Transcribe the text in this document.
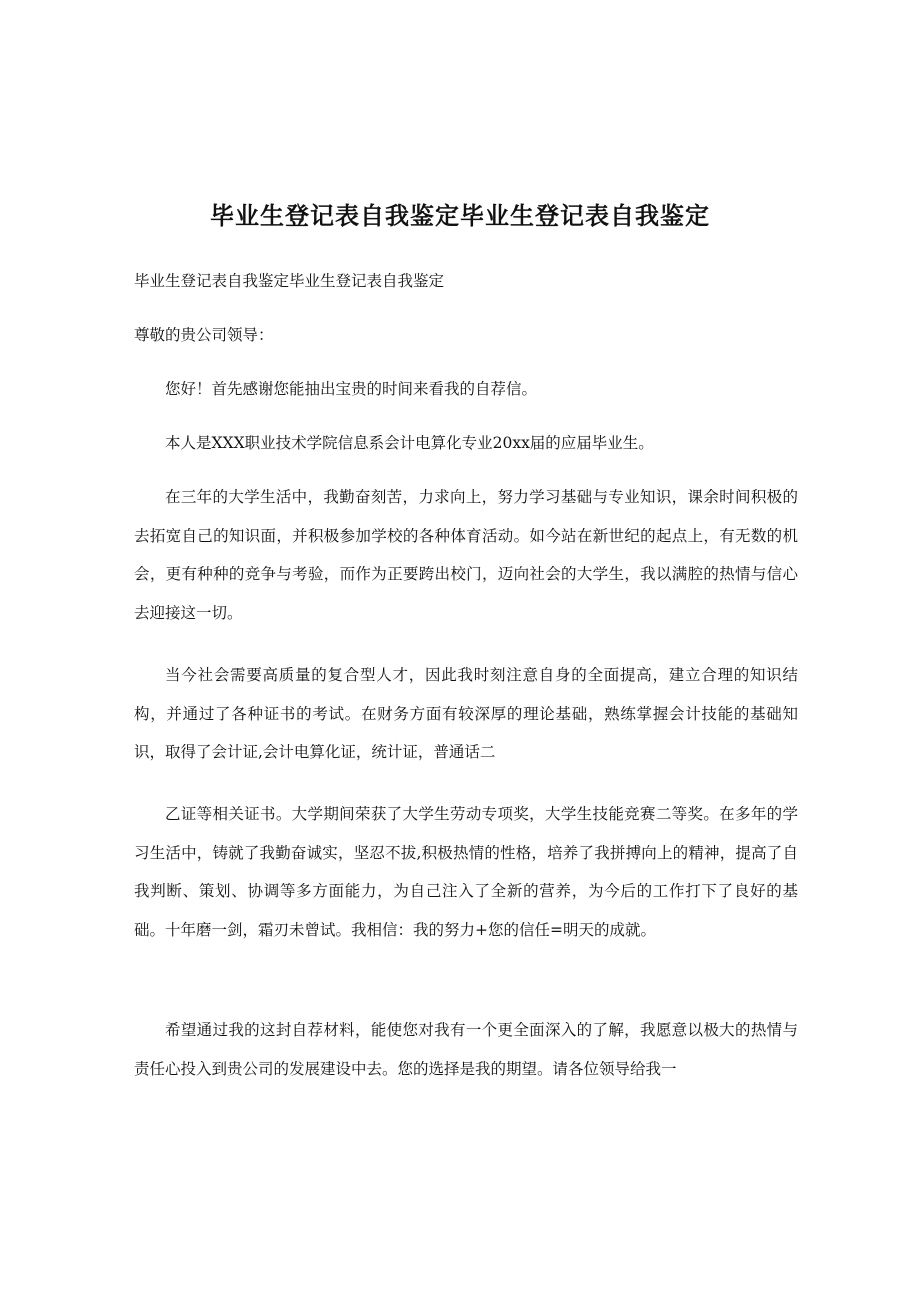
毕业生登记表自我鉴定毕业生登记表自我鉴定

毕业生登记表自我鉴定毕业生登记表自我鉴定

尊敬的贵公司领导：

您好！首先感谢您能抽出宝贵的时间来看我的自荐信。

本人是XXX职业技术学院信息系会计电算化专业20xx届的应届毕业生。

在三年的大学生活中，我勤奋刻苦，力求向上，努力学习基础与专业知识，课余时间积极的去拓宽自己的知识面，并积极参加学校的各种体育活动。如今站在新世纪的起点上，有无数的机会，更有种种的竞争与考验，而作为正要跨出校门，迈向社会的大学生，我以满腔的热情与信心去迎接这一切。

当今社会需要高质量的复合型人才，因此我时刻注意自身的全面提高，建立合理的知识结构，并通过了各种证书的考试。在财务方面有较深厚的理论基础，熟练掌握会计技能的基础知识，取得了会计证,会计电算化证，统计证，普通话二

乙证等相关证书。大学期间荣获了大学生劳动专项奖，大学生技能竞赛二等奖。在多年的学习生活中，铸就了我勤奋诚实，坚忍不拔,积极热情的性格，培养了我拼搏向上的精神，提高了自我判断、策划、协调等多方面能力，为自己注入了全新的营养，为今后的工作打下了良好的基础。十年磨一剑，霜刃未曾试。我相信：我的努力+您的信任=明天的成就。

希望通过我的这封自荐材料，能使您对我有一个更全面深入的了解，我愿意以极大的热情与责任心投入到贵公司的发展建设中去。您的选择是我的期望。请各位领导给我一
